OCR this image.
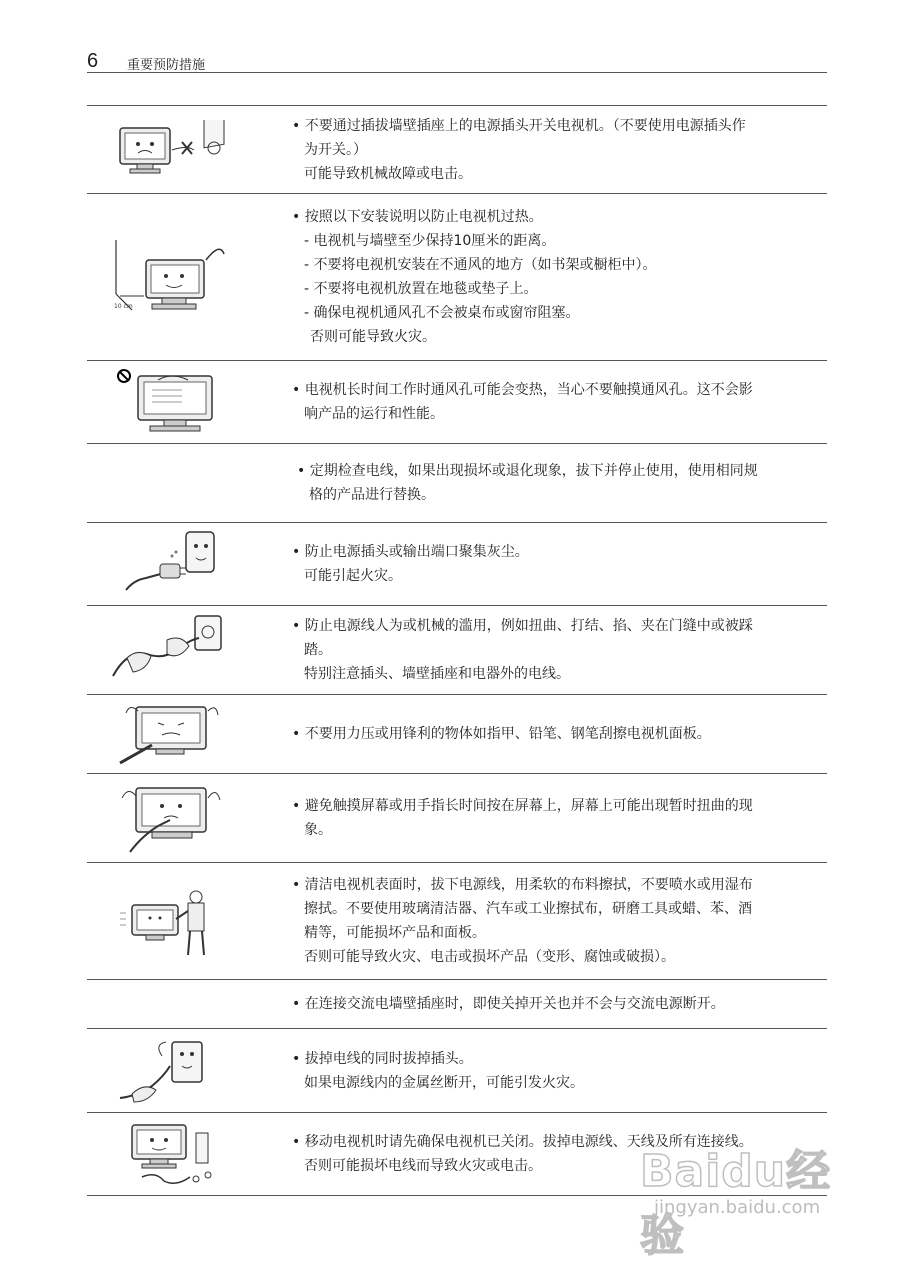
6 重要预防措施
• 不要通过插拔墙壁插座上的电源插头开关电视机。（不要使用电源插头作
为开关。）
可能导致机械故障或电击。
10 cm
• 按照以下安装说明以防止电视机过热。
- 电视机与墙壁至少保持10厘米的距离。
- 不要将电视机安装在不通风的地方（如书架或橱柜中）。
- 不要将电视机放置在地毯或垫子上。
- 确保电视机通风孔不会被桌布或窗帘阻塞。
否则可能导致火灾。
• 电视机长时间工作时通风孔可能会变热，当心不要触摸通风孔。这不会影
响产品的运行和性能。
• 定期检查电线，如果出现损坏或退化现象，拔下并停止使用，使用相同规
格的产品进行替换。
• 防止电源插头或输出端口聚集灰尘。
可能引起火灾。
• 防止电源线人为或机械的滥用，例如扭曲、打结、掐、夹在门缝中或被踩
踏。
特别注意插头、墙壁插座和电器外的电线。
• 不要用力压或用锋利的物体如指甲、铅笔、钢笔刮擦电视机面板。
• 避免触摸屏幕或用手指长时间按在屏幕上，屏幕上可能出现暂时扭曲的现
象。
• 清洁电视机表面时，拔下电源线，用柔软的布料擦拭，不要喷水或用湿布
擦拭。不要使用玻璃清洁器、汽车或工业擦拭布，研磨工具或蜡、苯、酒
精等，可能损坏产品和面板。
否则可能导致火灾、电击或损坏产品（变形、腐蚀或破损）。
• 在连接交流电墙壁插座时，即使关掉开关也并不会与交流电源断开。
• 拔掉电线的同时拔掉插头。
如果电源线内的金属丝断开，可能引发火灾。
• 移动电视机时请先确保电视机已关闭。拔掉电源线、天线及所有连接线。
否则可能损坏电线而导致火灾或电击。	Baidu经验
jingyan.baidu.com
